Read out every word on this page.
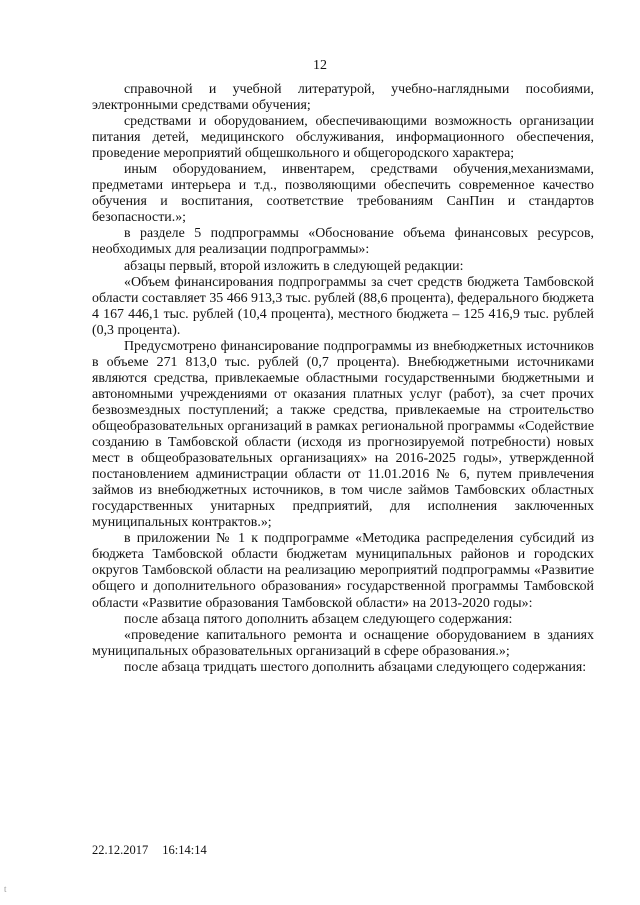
12

справочной и учебной литературой, учебно-наглядными пособиями, электронными средствами обучения;

средствами и оборудованием, обеспечивающими возможность организации питания детей, медицинского обслуживания, информационного обеспечения, проведение мероприятий общешкольного и общегородского характера;

иным оборудованием, инвентарем, средствами обучения,механизмами, предметами интерьера и т.д., позволяющими обеспечить современное качество обучения и воспитания, соответствие требованиям СанПин и стандартов безопасности.»;

в разделе 5 подпрограммы «Обоснование объема финансовых ресурсов, необходимых для реализации подпрограммы»:

абзацы первый, второй изложить в следующей редакции:

«Объем финансирования подпрограммы за счет средств бюджета Тамбовской области составляет 35 466 913,3 тыс. рублей (88,6 процента), федерального бюджета 4 167 446,1 тыс. рублей (10,4 процента), местного бюджета – 125 416,9 тыс. рублей (0,3 процента).

Предусмотрено финансирование подпрограммы из внебюджетных источников в объеме 271 813,0 тыс. рублей (0,7 процента). Внебюджетными источниками являются средства, привлекаемые областными государственными бюджетными и автономными учреждениями от оказания платных услуг (работ), за счет прочих безвозмездных поступлений; а также средства, привлекаемые на строительство общеобразовательных организаций в рамках региональной программы «Содействие созданию в Тамбовской области (исходя из прогнозируемой потребности) новых мест в общеобразовательных организациях» на 2016-2025 годы», утвержденной постановлением администрации области от 11.01.2016 № 6, путем привлечения займов из внебюджетных источников, в том числе займов Тамбовских областных государственных унитарных предприятий, для исполнения заключенных муниципальных контрактов.»;

в приложении № 1 к подпрограмме «Методика распределения субсидий из бюджета Тамбовской области бюджетам муниципальных районов и городских округов Тамбовской области на реализацию мероприятий подпрограммы «Развитие общего и дополнительного образования» государственной программы Тамбовской области «Развитие образования Тамбовской области» на 2013-2020 годы»:

после абзаца пятого дополнить абзацем следующего содержания:

«проведение капитального ремонта и оснащение оборудованием в зданиях муниципальных образовательных организаций в сфере образования.»;

после абзаца тридцать шестого дополнить абзацами следующего содержания:

22.12.2017 16:14:14
t
